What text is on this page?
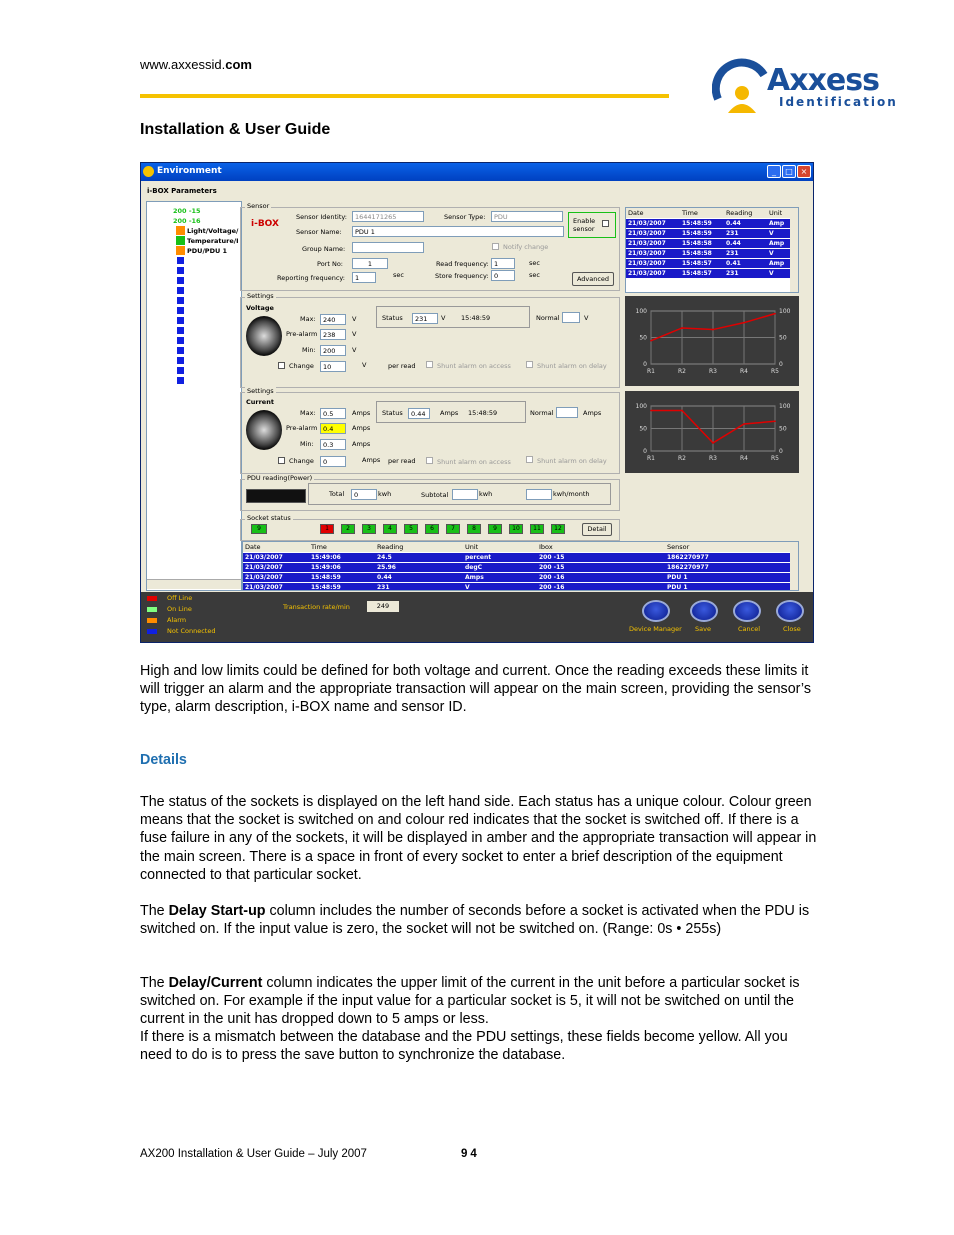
www.axxessid.com	Axxess
Identification
Installation & User Guide
Environment	_	□ ×
i-BOX Parameters
200 -15
200 -16
Light/Voltage/
Temperature/I
PDU/PDU 1
Sensor
i-BOX
Sensor Identity:	1644171265	Sensor Type:	PDU	Enable sensor
Sensor Name:	PDU 1
Group Name:	Notify change
Port No:	1	Read frequency: 1	sec
Reporting frequency:	1	sec	Store frequency: 0	sec	Advanced
Settings
Voltage
Max:	240	V
Pre-alarm 238	V
Min:	200	V
Change	10	V	per read	Shunt alarm on access	Shunt alarm on delay
Status	231	V 15:48:59	Normal	V
Settings
Current
Max:	0.5	Amps
Pre-alarm 0.4	Amps
Min:	0.3	Amps
Change	0	Amps per read	Shunt alarm on access	Shunt alarm on delay
Status	0.44	Amps 15:48:59	Normal	Amps
PDU reading(Power)
Total	0	kwh	Subtotal	kwh	kwh/month
Socket status
9	1	2	3	4	5	6	7	8	9	10	11	12	Detail
Date	Time	Reading	Unit
21/03/2007	15:48:59 0.44	Amp
21/03/2007	15:48:59 231	V
21/03/2007	15:48:58 0.44	Amp
21/03/2007	15:48:58 231	V
21/03/2007	15:48:57 0.41	Amp
21/03/2007	15:48:57 231	V
R1	R2	R3	R4	R5
100	100
50	50
0	0
R1	R2	R3	R4	R5
100	100
50	50
0	0
Date	Time	Reading	Unit	Ibox	Sensor
21/03/2007	15:49:06	24.5	percent	200 -15	1862270977
21/03/2007	15:49:06	25.96	degC	200 -15	1862270977
21/03/2007	15:48:59	0.44	Amps	200 -16	PDU 1
21/03/2007	15:48:59	231	V	200 -16	PDU 1
Off Line
On Line
Alarm
Not Connected
Transaction rate/min	249
Device Manager Save	Cancel	Close
High and low limits could be defined for both voltage and current. Once the reading exceeds these limits it will trigger an alarm and the appropriate transaction will appear on the main screen, providing the sensor’s type, alarm description, i-BOX name and sensor ID.
Details
The status of the sockets is displayed on the left hand side. Each status has a unique colour. Colour green means that the socket is switched on and colour red indicates that the socket is switched off. If there is a fuse failure in any of the sockets, it will be displayed in amber and the appropriate transaction will appear in the main screen. There is a space in front of every socket to enter a brief description of the equipment connected to that particular socket.
The Delay Start-up column includes the number of seconds before a socket is activated when the PDU is switched on. If the input value is zero, the socket will not be switched on. (Range: 0s • 255s)
The Delay/Current column indicates the upper limit of the current in the unit before a particular socket is switched on. For example if the input value for a particular socket is 5, it will not be switched on until the current in the unit has dropped down to 5 amps or less.
If there is a mismatch between the database and the PDU settings, these fields become yellow. All you need to do is to press the save button to synchronize the database.
AX200 Installation & User Guide – July 2007	94
